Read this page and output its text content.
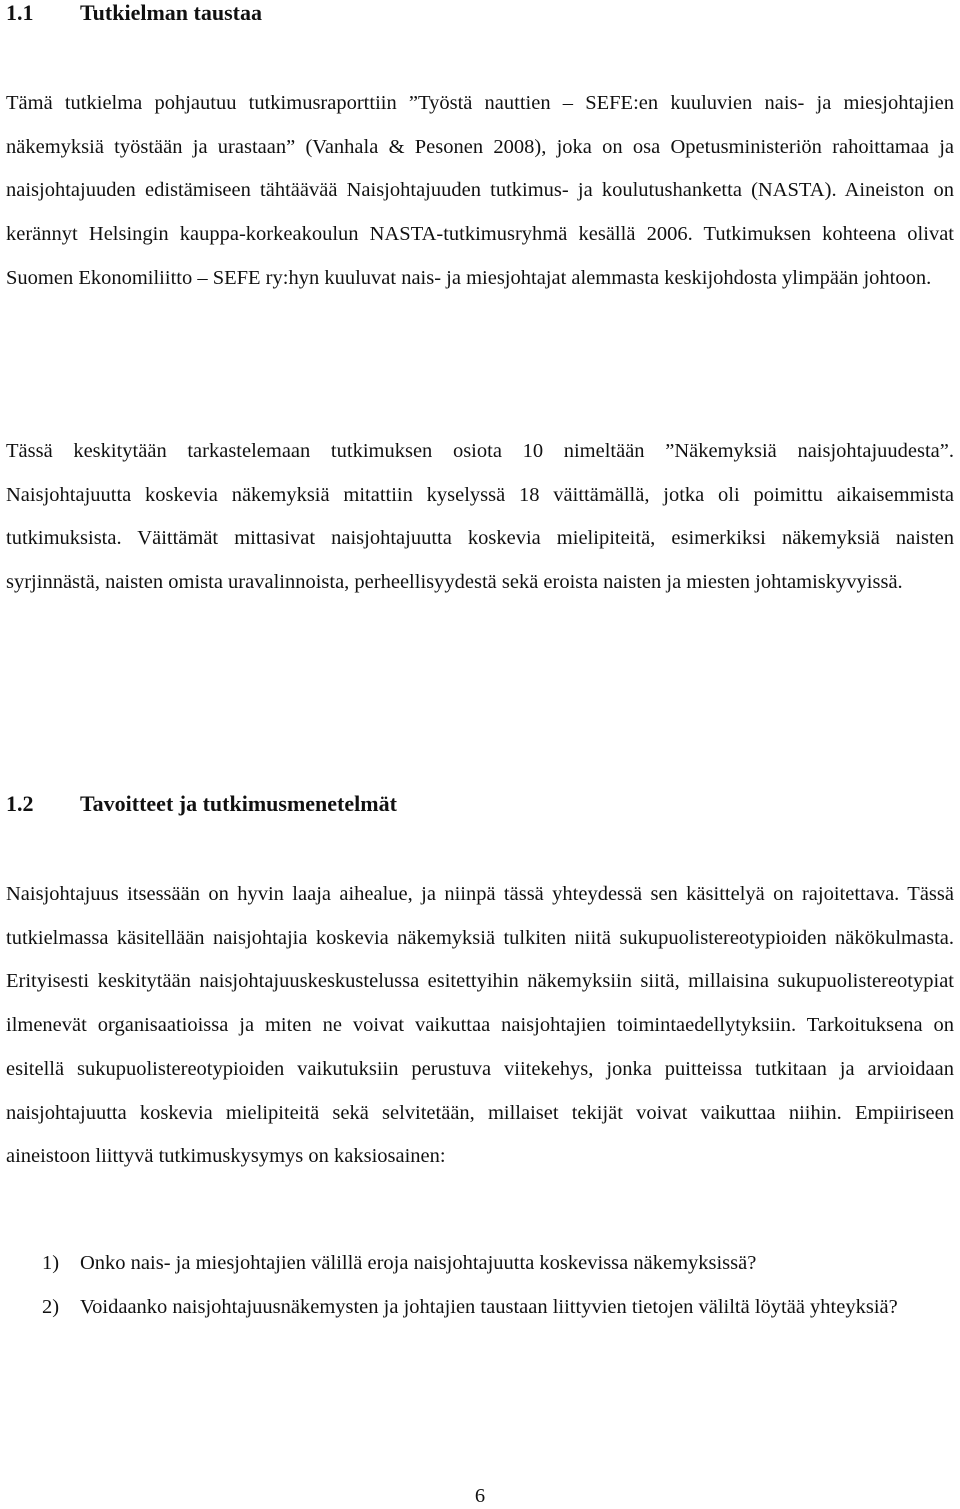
1.1 Tutkielman taustaa

Tämä tutkielma pohjautuu tutkimusraporttiin ”Työstä nauttien – SEFE:en kuuluvien nais- ja miesjohtajien näkemyksiä työstään ja urastaan” (Vanhala & Pesonen 2008), joka on osa Opetusministeriön rahoittamaa ja naisjohtajuuden edistämiseen tähtäävää Naisjohtajuuden tutkimus- ja koulutushanketta (NASTA). Aineiston on kerännyt Helsingin kauppa-korkeakoulun NASTA-tutkimusryhmä kesällä 2006. Tutkimuksen kohteena olivat Suomen Ekonomiliitto – SEFE ry:hyn kuuluvat nais- ja miesjohtajat alemmasta keskijohdosta ylimpään johtoon.

Tässä keskitytään tarkastelemaan tutkimuksen osiota 10 nimeltään ”Näkemyksiä naisjohtajuudesta”. Naisjohtajuutta koskevia näkemyksiä mitattiin kyselyssä 18 väittämällä, jotka oli poimittu aikaisemmista tutkimuksista. Väittämät mittasivat naisjohtajuutta koskevia mielipiteitä, esimerkiksi näkemyksiä naisten syrjinnästä, naisten omista uravalinnoista, perheellisyydestä sekä eroista naisten ja miesten johtamiskyvyissä.

1.2 Tavoitteet ja tutkimusmenetelmät

Naisjohtajuus itsessään on hyvin laaja aihealue, ja niinpä tässä yhteydessä sen käsittelyä on rajoitettava. Tässä tutkielmassa käsitellään naisjohtajia koskevia näkemyksiä tulkiten niitä sukupuolistereotypioiden näkökulmasta. Erityisesti keskitytään naisjohtajuuskeskustelussa esitettyihin näkemyksiin siitä, millaisina sukupuolistereotypiat ilmenevät organisaatioissa ja miten ne voivat vaikuttaa naisjohtajien toimintaedellytyksiin. Tarkoituksena on esitellä sukupuolistereotypioiden vaikutuksiin perustuva viitekehys, jonka puitteissa tutkitaan ja arvioidaan naisjohtajuutta koskevia mielipiteitä sekä selvitetään, millaiset tekijät voivat vaikuttaa niihin. Empiiriseen aineistoon liittyvä tutkimuskysymys on kaksiosainen:

1) Onko nais- ja miesjohtajien välillä eroja naisjohtajuutta koskevissa näkemyksissä?
2) Voidaanko naisjohtajuusnäkemysten ja johtajien taustaan liittyvien tietojen väliltä löytää yhteyksiä?

6
